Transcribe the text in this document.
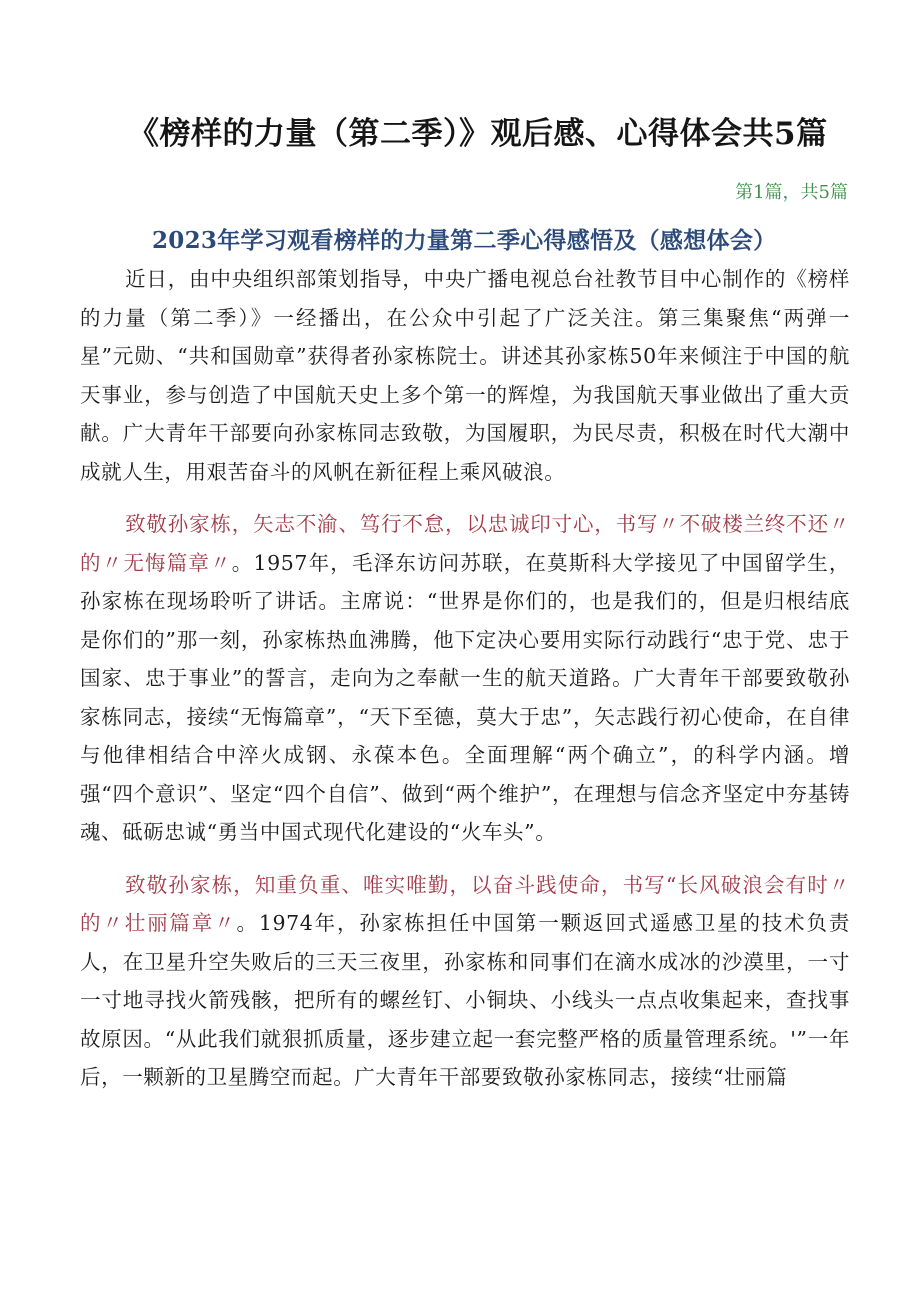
《榜样的力量（第二季）》观后感、心得体会共5篇
第1篇，共5篇
2023年学习观看榜样的力量第二季心得感悟及（感想体会）

近日，由中央组织部策划指导，中央广播电视总台社教节目中心制作的《榜样的力量（第二季）》一经播出，在公众中引起了广泛关注。第三集聚焦“两弹一星”元勋、“共和国勋章”获得者孙家栋院士。讲述其孙家栋50年来倾注于中国的航天事业，参与创造了中国航天史上多个第一的辉煌，为我国航天事业做出了重大贡献。广大青年干部要向孙家栋同志致敬，为国履职，为民尽责，积极在时代大潮中成就人生，用艰苦奋斗的风帆在新征程上乘风破浪。

致敬孙家栋，矢志不渝、笃行不怠，以忠诚印寸心，书写〃不破楼兰终不还〃的〃无悔篇章〃。1957年，毛泽东访问苏联，在莫斯科大学接见了中国留学生，孙家栋在现场聆听了讲话。主席说：“世界是你们的，也是我们的，但是归根结底是你们的”那一刻，孙家栋热血沸腾，他下定决心要用实际行动践行“忠于党、忠于国家、忠于事业”的誓言，走向为之奉献一生的航天道路。广大青年干部要致敬孙家栋同志，接续“无悔篇章”，“天下至德，莫大于忠”，矢志践行初心使命，在自律与他律相结合中淬火成钢、永葆本色。全面理解“两个确立”，的科学内涵。增强“四个意识”、坚定“四个自信”、做到“两个维护”，在理想与信念齐坚定中夯基铸魂、砥砺忠诚“勇当中国式现代化建设的“火车头”。

致敬孙家栋，知重负重、唯实唯勤，以奋斗践使命，书写“长风破浪会有时〃的〃壮丽篇章〃。1974年，孙家栋担任中国第一颗返回式遥感卫星的技术负责人，在卫星升空失败后的三天三夜里，孙家栋和同事们在滴水成冰的沙漠里，一寸一寸地寻找火箭残骸，把所有的螺丝钉、小铜块、小线头一点点收集起来，查找事故原因。“从此我们就狠抓质量，逐步建立起一套完整严格的质量管理系统。'”一年后，一颗新的卫星腾空而起。广大青年干部要致敬孙家栋同志，接续“壮丽篇
